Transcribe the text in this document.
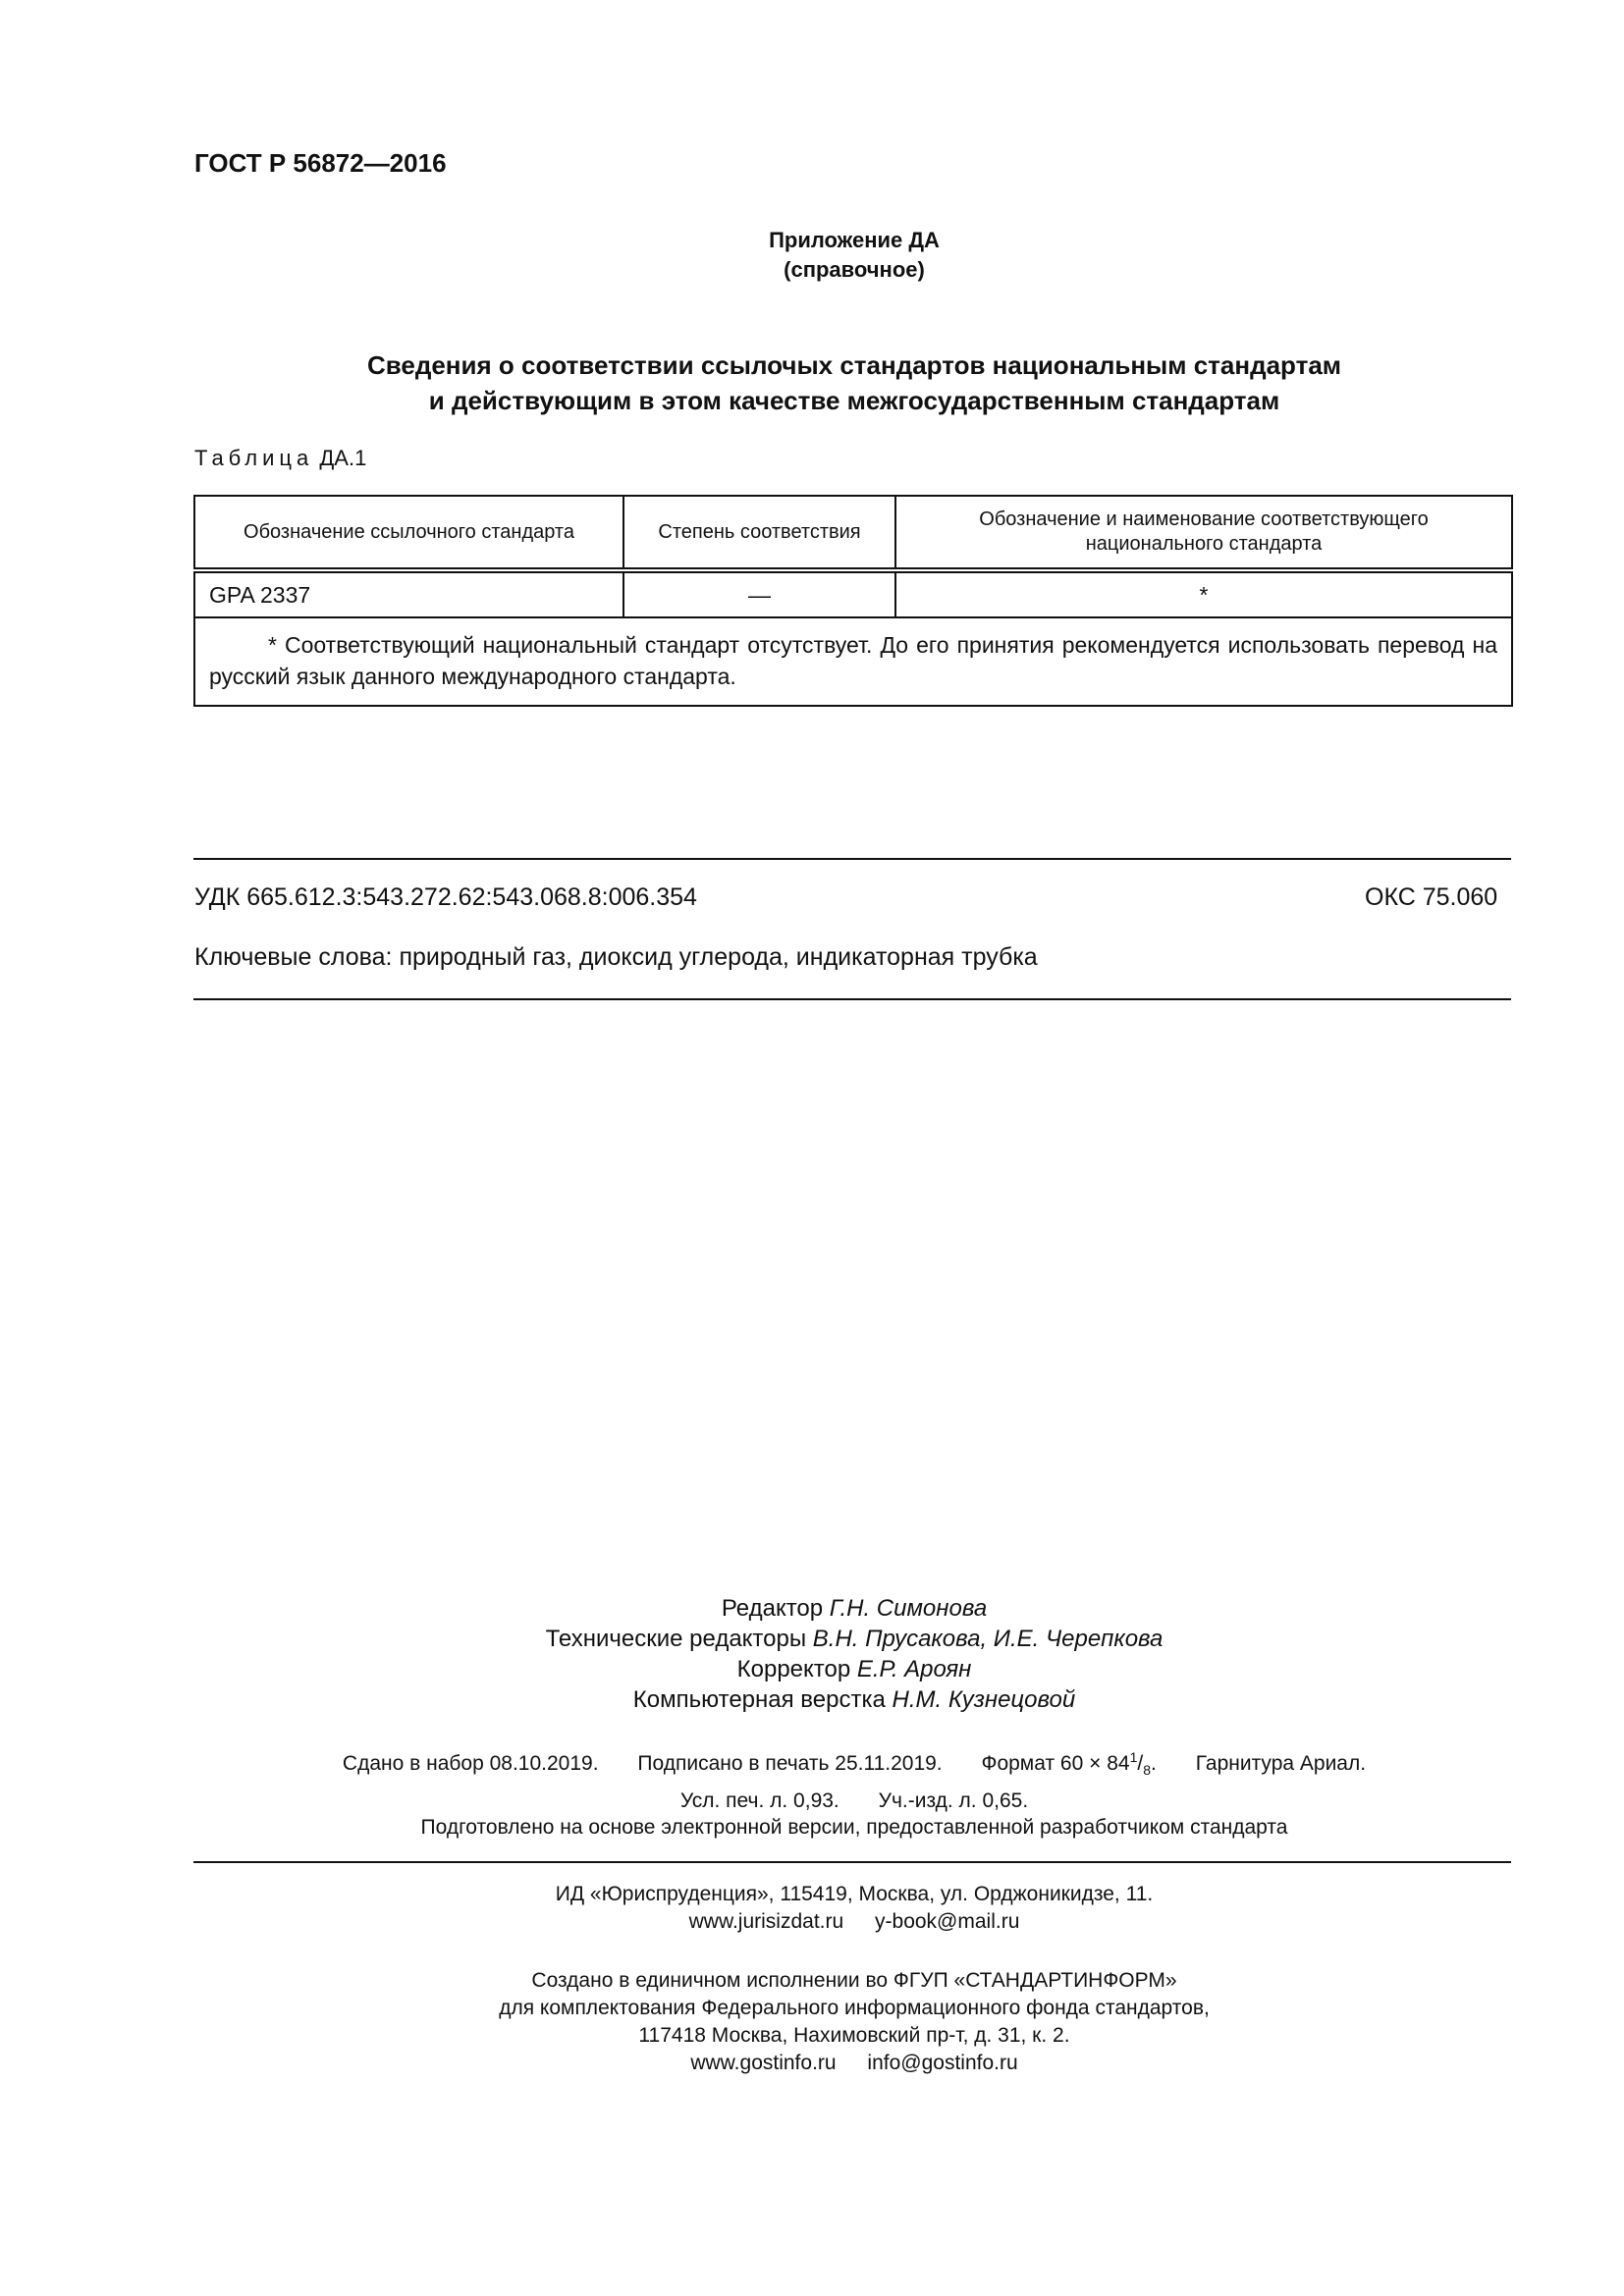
ГОСТ Р 56872—2016
Приложение ДА
(справочное)
Сведения о соответствии ссылочых стандартов национальным стандартам
и действующим в этом качестве межгосударственным стандартам
Таблица ДА.1
Обозначение ссылочного стандарта	Степень соответствия	Обозначение и наименование соответствующего национального стандарта
GPA 2337	—	*
* Соответствующий национальный стандарт отсутствует. До его принятия рекомендуется использовать перевод на русский язык данного международного стандарта.		
УДК 665.612.3:543.272.62:543.068.8:006.354	ОКС 75.060
Ключевые слова: природный газ, диоксид углерода, индикаторная трубка
Редактор Г.Н. Симонова
Технические редакторы В.Н. Прусакова, И.Е. Черепкова
Корректор Е.Р. Ароян
Компьютерная верстка Н.М. Кузнецовой
Сдано в набор 08.10.2019. Подписано в печать 25.11.2019. Формат $60 \times 84^1/_8$. Гарнитура Ариал.
Усл. печ. л. 0,93. Уч.-изд. л. 0,65.
Подготовлено на основе электронной версии, предоставленной разработчиком стандарта
ИД «Юриспруденция», 115419, Москва, ул. Орджоникидзе, 11.
www.jurisizdat.ru y-book@mail.ru
Создано в единичном исполнении во ФГУП «СТАНДАРТИНФОРМ»
для комплектования Федерального информационного фонда стандартов,
117418 Москва, Нахимовский пр-т, д. 31, к. 2.
www.gostinfo.ru info@gostinfo.ru
